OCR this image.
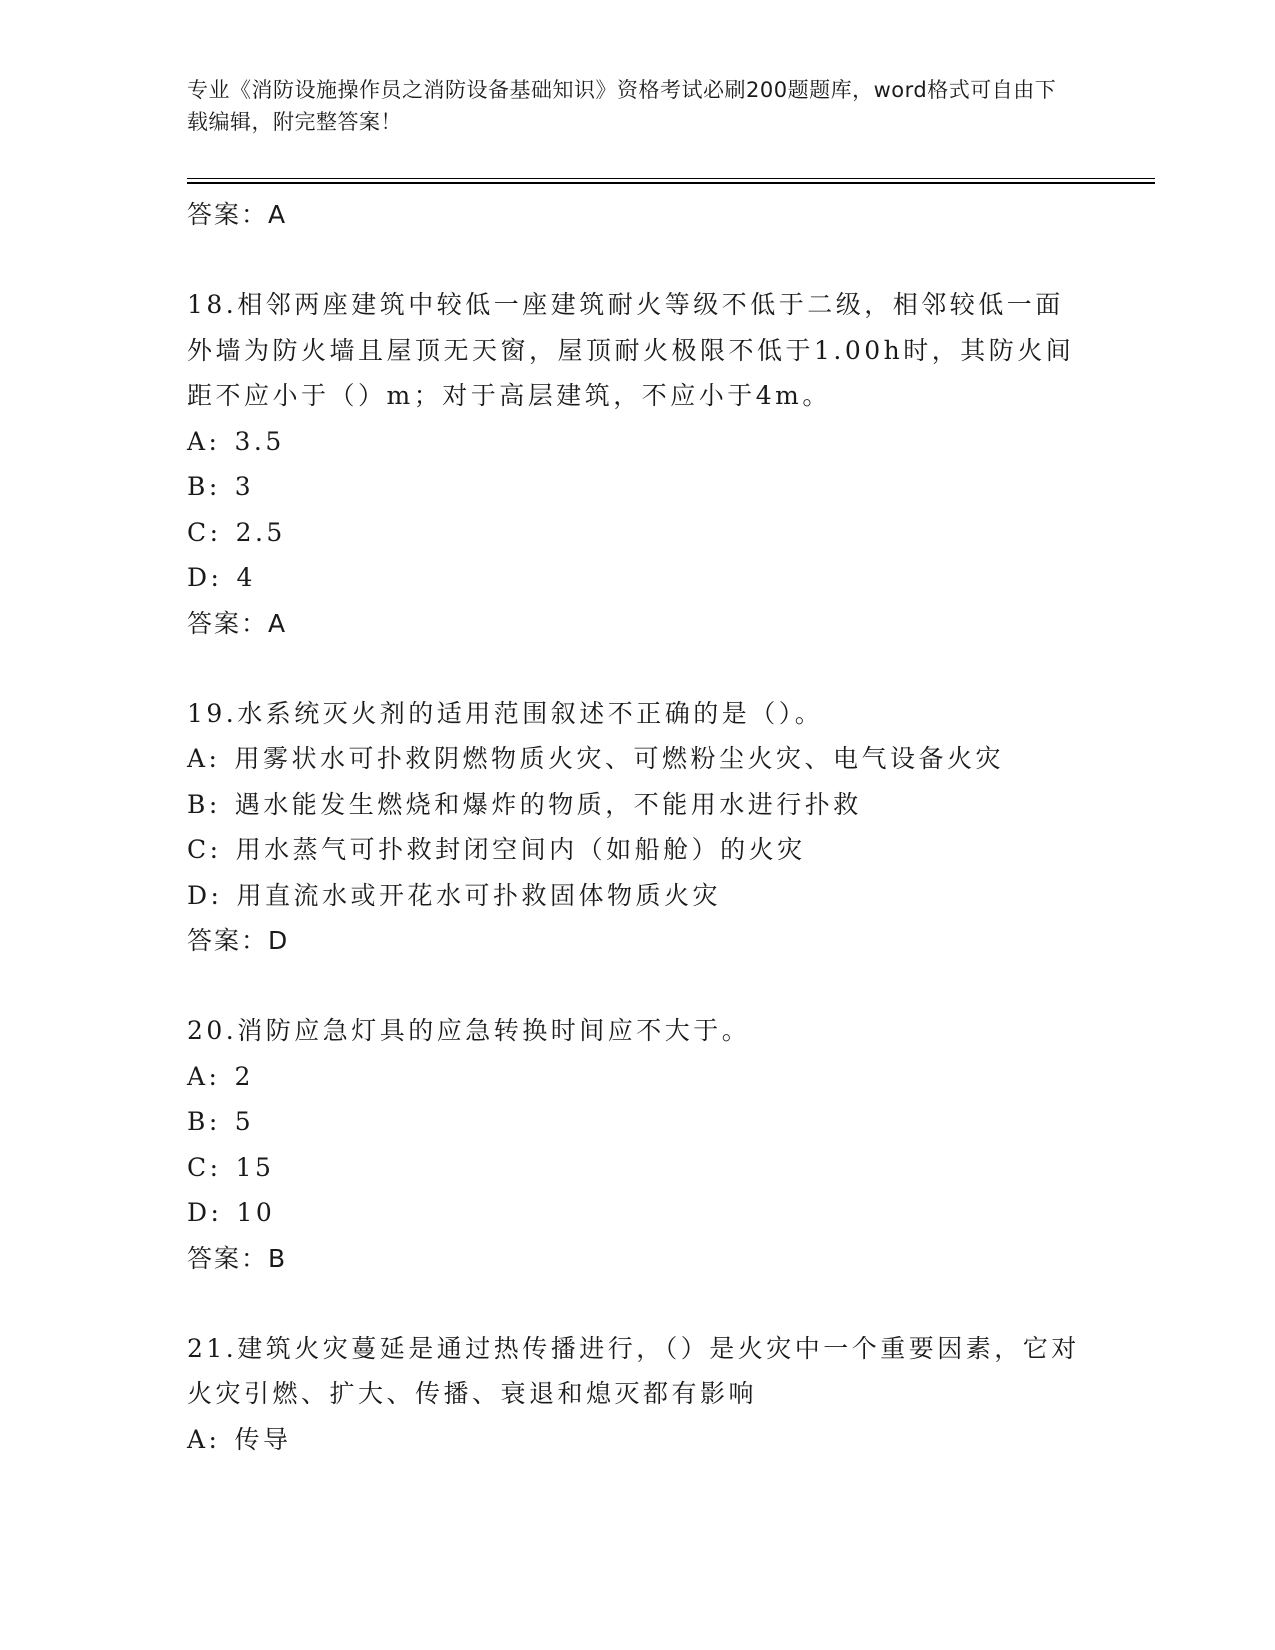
专业《消防设施操作员之消防设备基础知识》资格考试必刷200题题库，word格式可自由下载编辑，附完整答案！
答案：A
18.相邻两座建筑中较低一座建筑耐火等级不低于二级，相邻较低一面外墙为防火墙且屋顶无天窗，屋顶耐火极限不低于1.00h时，其防火间距不应小于（）m；对于高层建筑，不应小于4m。
A: 3.5
B: 3
C: 2.5
D: 4
答案：A
19.水系统灭火剂的适用范围叙述不正确的是（）。
A: 用雾状水可扑救阴燃物质火灾、可燃粉尘火灾、电气设备火灾
B: 遇水能发生燃烧和爆炸的物质，不能用水进行扑救
C: 用水蒸气可扑救封闭空间内（如船舱）的火灾
D: 用直流水或开花水可扑救固体物质火灾
答案：D
20.消防应急灯具的应急转换时间应不大于。
A: 2
B: 5
C: 15
D: 10
答案：B
21.建筑火灾蔓延是通过热传播进行，（）是火灾中一个重要因素，它对火灾引燃、扩大、传播、衰退和熄灭都有影响
A: 传导
